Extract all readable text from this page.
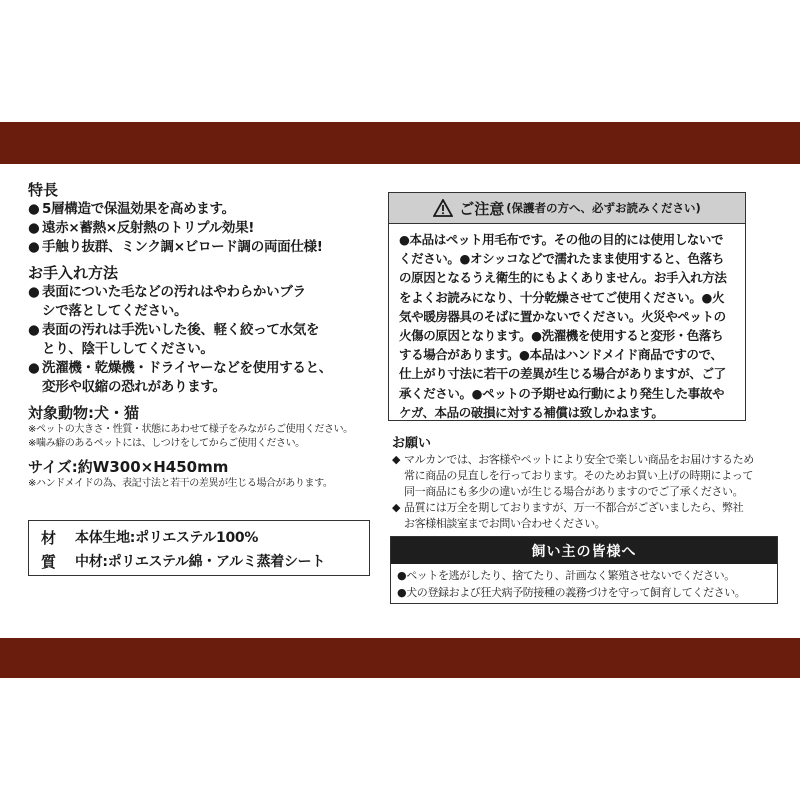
特長
● 5層構造で保温効果を高めます。
● 遠赤×蓄熱×反射熱のトリプル効果!
● 手触り抜群、ミンク調×ビロード調の両面仕様!
お手入れ方法
● 表面についた毛などの汚れはやわらかいブラ
シで落としてください。
● 表面の汚れは手洗いした後、軽く絞って水気を
とり、陰干ししてください。
● 洗濯機・乾燥機・ドライヤーなどを使用すると、
変形や収縮の恐れがあります。
対象動物:犬・猫
※ペットの大きさ・性質・状態にあわせて様子をみながらご使用ください。
※噛み癖のあるペットには、しつけをしてからご使用ください。
サイズ:約W300×H450mm
※ハンドメイドの為、表記寸法と若干の差異が生じる場合があります。
材
質
本体生地:ポリエステル100%
中材:ポリエステル綿・アルミ蒸着シート
ご注意 (保護者の方へ、必ずお読みください)
●本品はペット用毛布です。その他の目的には使用しないで
ください。●オシッコなどで濡れたまま使用すると、色落ち
の原因となるうえ衛生的にもよくありません。お手入れ方法
をよくお読みになり、十分乾燥させてご使用ください。●火
気や暖房器具のそばに置かないでください。火災やペットの
火傷の原因となります。●洗濯機を使用すると変形・色落ち
する場合があります。●本品はハンドメイド商品ですので、
仕上がり寸法に若干の差異が生じる場合がありますが、ご了
承ください。●ペットの予期せぬ行動により発生した事故や
ケガ、本品の破損に対する補償は致しかねます。
お願い
◆ マルカンでは、お客様やペットにより安全で楽しい商品をお届けするため
常に商品の見直しを行っております。そのためお買い上げの時期によって
同一商品にも多少の違いが生じる場合がありますのでご了承ください。
◆ 品質には万全を期しておりますが、万一不都合がございましたら、弊社
お客様相談室までお問い合わせください。
飼い主の皆様へ
●ペットを逃がしたり、捨てたり、計画なく繁殖させないでください。
●犬の登録および狂犬病予防接種の義務づけを守って飼育してください。
